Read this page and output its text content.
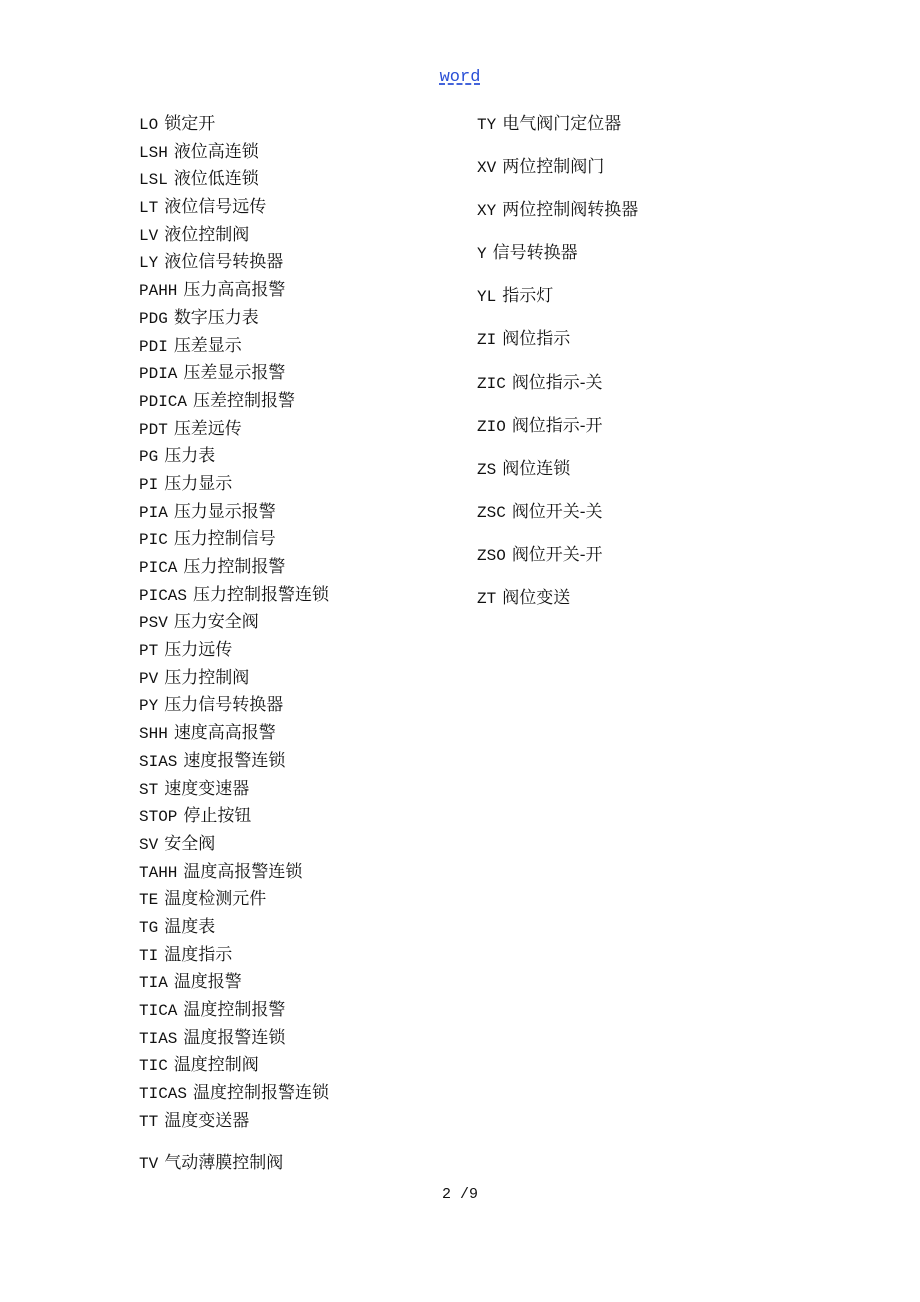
word
LO 锁定开
LSH 液位高连锁
LSL 液位低连锁
LT 液位信号远传
LV 液位控制阀
LY 液位信号转换器
PAHH 压力高高报警
PDG 数字压力表
PDI 压差显示
PDIA 压差显示报警
PDICA 压差控制报警
PDT 压差远传
PG 压力表
PI 压力显示
PIA 压力显示报警
PIC 压力控制信号
PICA 压力控制报警
PICAS 压力控制报警连锁
PSV 压力安全阀
PT 压力远传
PV 压力控制阀
PY 压力信号转换器
SHH 速度高高报警
SIAS 速度报警连锁
ST 速度变速器
STOP 停止按钮
SV 安全阀
TAHH 温度高报警连锁
TE 温度检测元件
TG 温度表
TI 温度指示
TIA 温度报警
TICA 温度控制报警
TIAS 温度报警连锁
TIC 温度控制阀
TICAS 温度控制报警连锁
TT 温度变送器
TV 气动薄膜控制阀
TY 电气阀门定位器
XV 两位控制阀门
XY 两位控制阀转换器
Y 信号转换器
YL 指示灯
ZI 阀位指示
ZIC 阀位指示-关
ZIO 阀位指示-开
ZS 阀位连锁
ZSC 阀位开关-关
ZSO 阀位开关-开
ZT 阀位变送
2 /9
